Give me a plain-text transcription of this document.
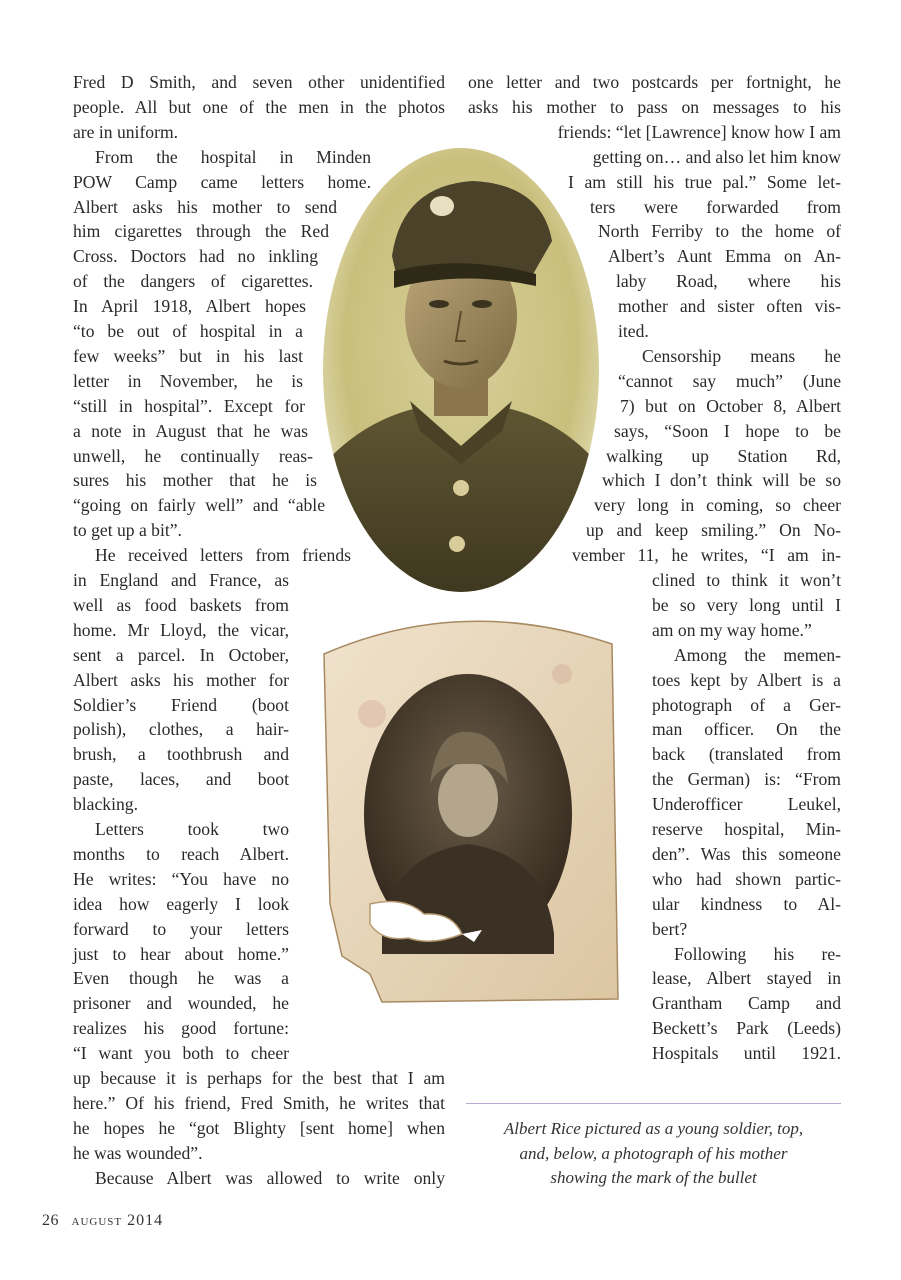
Fred D Smith, and seven other unidentified
people. All but one of the men in the photos
are in uniform.
From the hospital in Minden
POW Camp came letters home.
Albert asks his mother to send
him cigarettes through the Red
Cross. Doctors had no inkling
of the dangers of cigarettes.
In April 1918, Albert hopes
“to be out of hospital in a
few weeks” but in his last
letter in November, he is
“still in hospital”. Except for
a note in August that he was
unwell, he continually reas-
sures his mother that he is
“going on fairly well” and “able
to get up a bit”.
He received letters from friends
in England and France, as
well as food baskets from
home. Mr Lloyd, the vicar,
sent a parcel. In October,
Albert asks his mother for
Soldier’s Friend (boot
polish), clothes, a hair-
brush, a toothbrush and
paste, laces, and boot
blacking.
Letters took two
months to reach Albert.
He writes: “You have no
idea how eagerly I look
forward to your letters
just to hear about home.”
Even though he was a
prisoner and wounded, he
realizes his good fortune:
“I want you both to cheer
up because it is perhaps for the best that I am
here.” Of his friend, Fred Smith, he writes that
he hopes he “got Blighty [sent home] when
he was wounded”.
Because Albert was allowed to write only
one letter and two postcards per fortnight, he
asks his mother to pass on messages to his
friends: “let [Lawrence] know how I am
getting on… and also let him know
I am still his true pal.” Some let-
ters were forwarded from
North Ferriby to the home of
Albert’s Aunt Emma on An-
laby Road, where his
mother and sister often vis-
ited.
Censorship means he
“cannot say much” (June
7) but on October 8, Albert
says, “Soon I hope to be
walking up Station Rd,
which I don’t think will be so
very long in coming, so cheer
up and keep smiling.” On No-
vember 11, he writes, “I am in-
clined to think it won’t
be so very long until I
am on my way home.”
Among the memen-
toes kept by Albert is a
photograph of a Ger-
man officer. On the
back (translated from
the German) is: “From
Underofficer Leukel,
reserve hospital, Min-
den”. Was this someone
who had shown partic-
ular kindness to Al-
bert?
Following his re-
lease, Albert stayed in
Grantham Camp and
Beckett’s Park (Leeds)
Hospitals until 1921.
Albert Rice pictured as a young soldier, top,
and, below, a photograph of his mother
showing the mark of the bullet
26 august 2014
